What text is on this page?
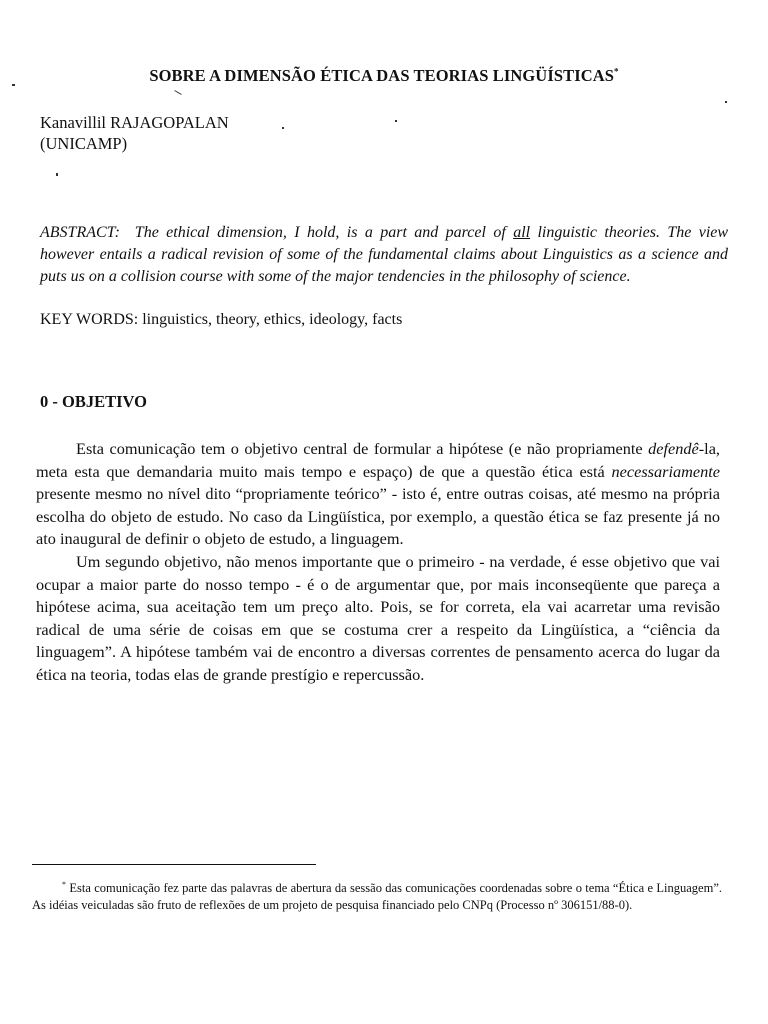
SOBRE A DIMENSÃO ÉTICA DAS TEORIAS LINGÜÍSTICAS*
Kanavillil RAJAGOPALAN
(UNICAMP)
ABSTRACT: The ethical dimension, I hold, is a part and parcel of all linguistic theories. The view however entails a radical revision of some of the fundamental claims about Linguistics as a science and puts us on a collision course with some of the major tendencies in the philosophy of science.
KEY WORDS: linguistics, theory, ethics, ideology, facts
0 - OBJETIVO

Esta comunicação tem o objetivo central de formular a hipótese (e não propriamente defendê-la, meta esta que demandaria muito mais tempo e espaço) de que a questão ética está necessariamente presente mesmo no nível dito “propriamente teórico” - isto é, entre outras coisas, até mesmo na própria escolha do objeto de estudo. No caso da Lingüística, por exemplo, a questão ética se faz presente já no ato inaugural de definir o objeto de estudo, a linguagem.

Um segundo objetivo, não menos importante que o primeiro - na verdade, é esse objetivo que vai ocupar a maior parte do nosso tempo - é o de argumentar que, por mais inconseqüente que pareça a hipótese acima, sua aceitação tem um preço alto. Pois, se for correta, ela vai acarretar uma revisão radical de uma série de coisas em que se costuma crer a respeito da Lingüística, a “ciência da linguagem”. A hipótese também vai de encontro a diversas correntes de pensamento acerca do lugar da ética na teoria, todas elas de grande prestígio e repercussão.

* Esta comunicação fez parte das palavras de abertura da sessão das comunicações coordenadas sobre o tema “Ética e Linguagem”. As idéias veiculadas são fruto de reflexões de um projeto de pesquisa financiado pelo CNPq (Processo nº 306151/88-0).
